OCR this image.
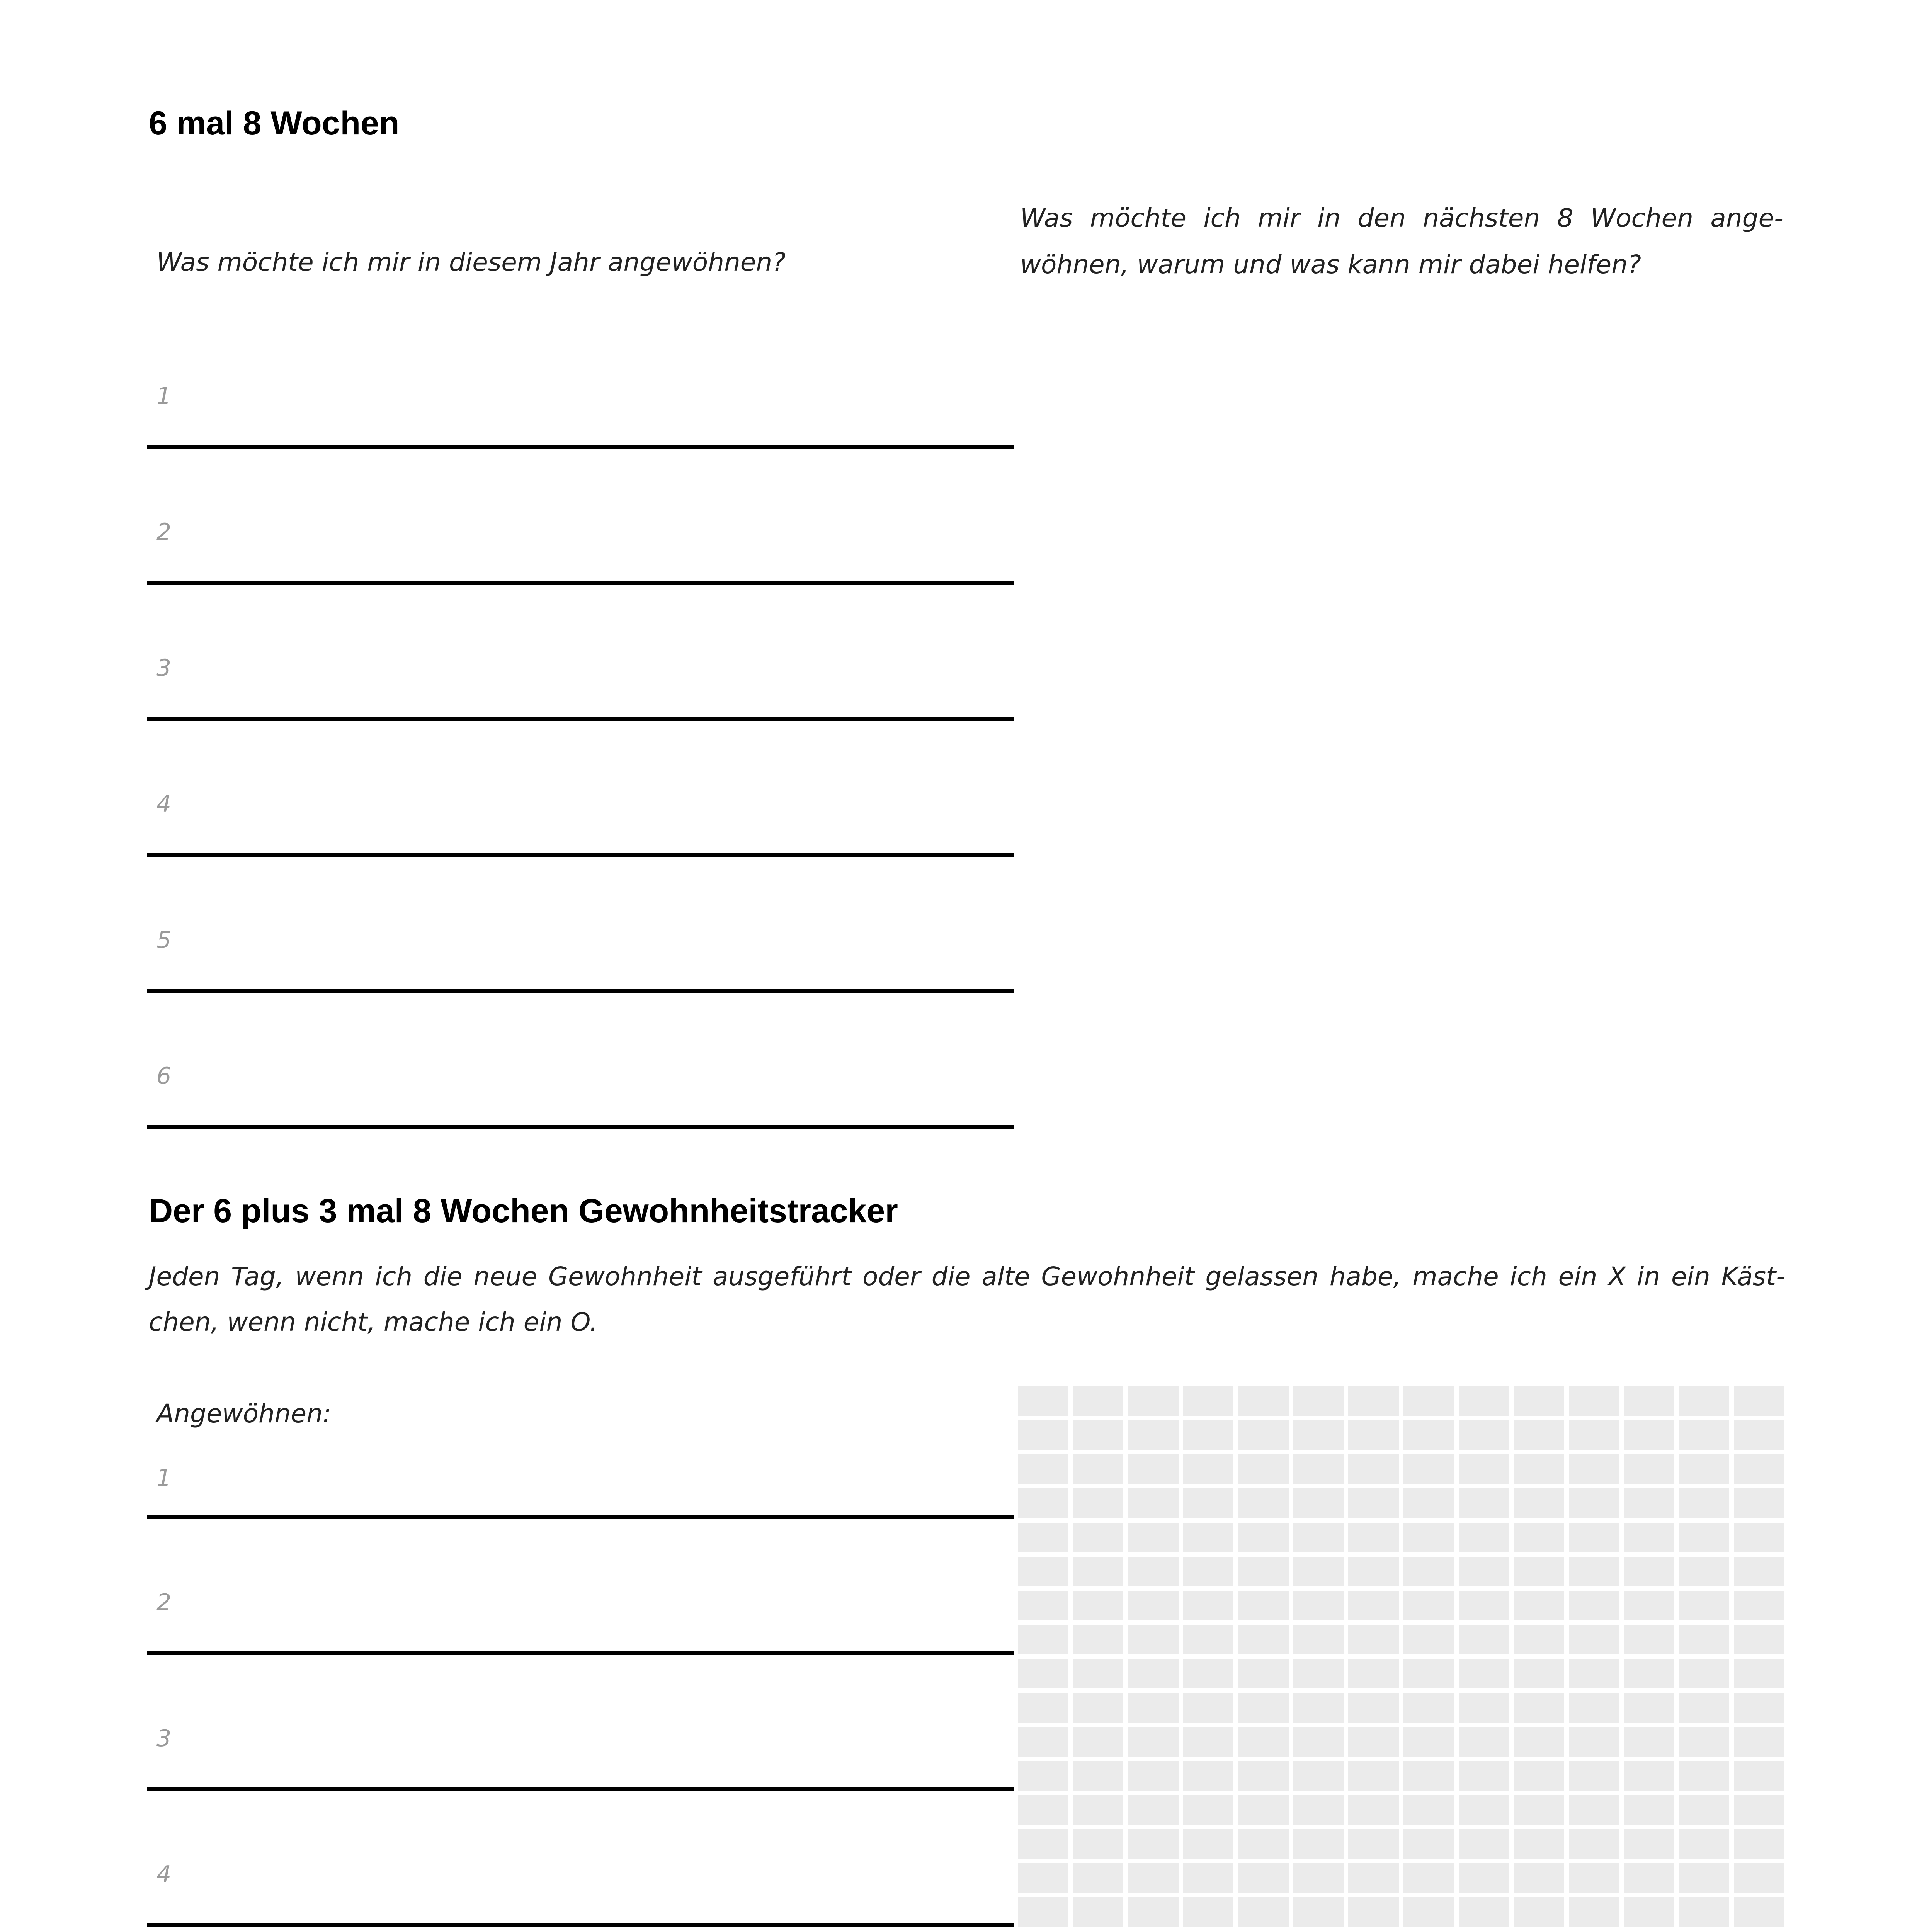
6 mal 8 Wochen
Was möchte ich mir in diesem Jahr angewöhnen?
Was möchte ich mir in den nächsten 8 Wochen ange- wöhnen, warum und was kann mir dabei helfen?
1
2
3
4
5
6
Der 6 plus 3 mal 8 Wochen Gewohnheitstracker
Jeden Tag, wenn ich die neue Gewohnheit ausgeführt oder die alte Gewohnheit gelassen habe, mache ich ein X in ein Käst- chen, wenn nicht, mache ich ein O.
Angewöhnen:
1
2
3
4
